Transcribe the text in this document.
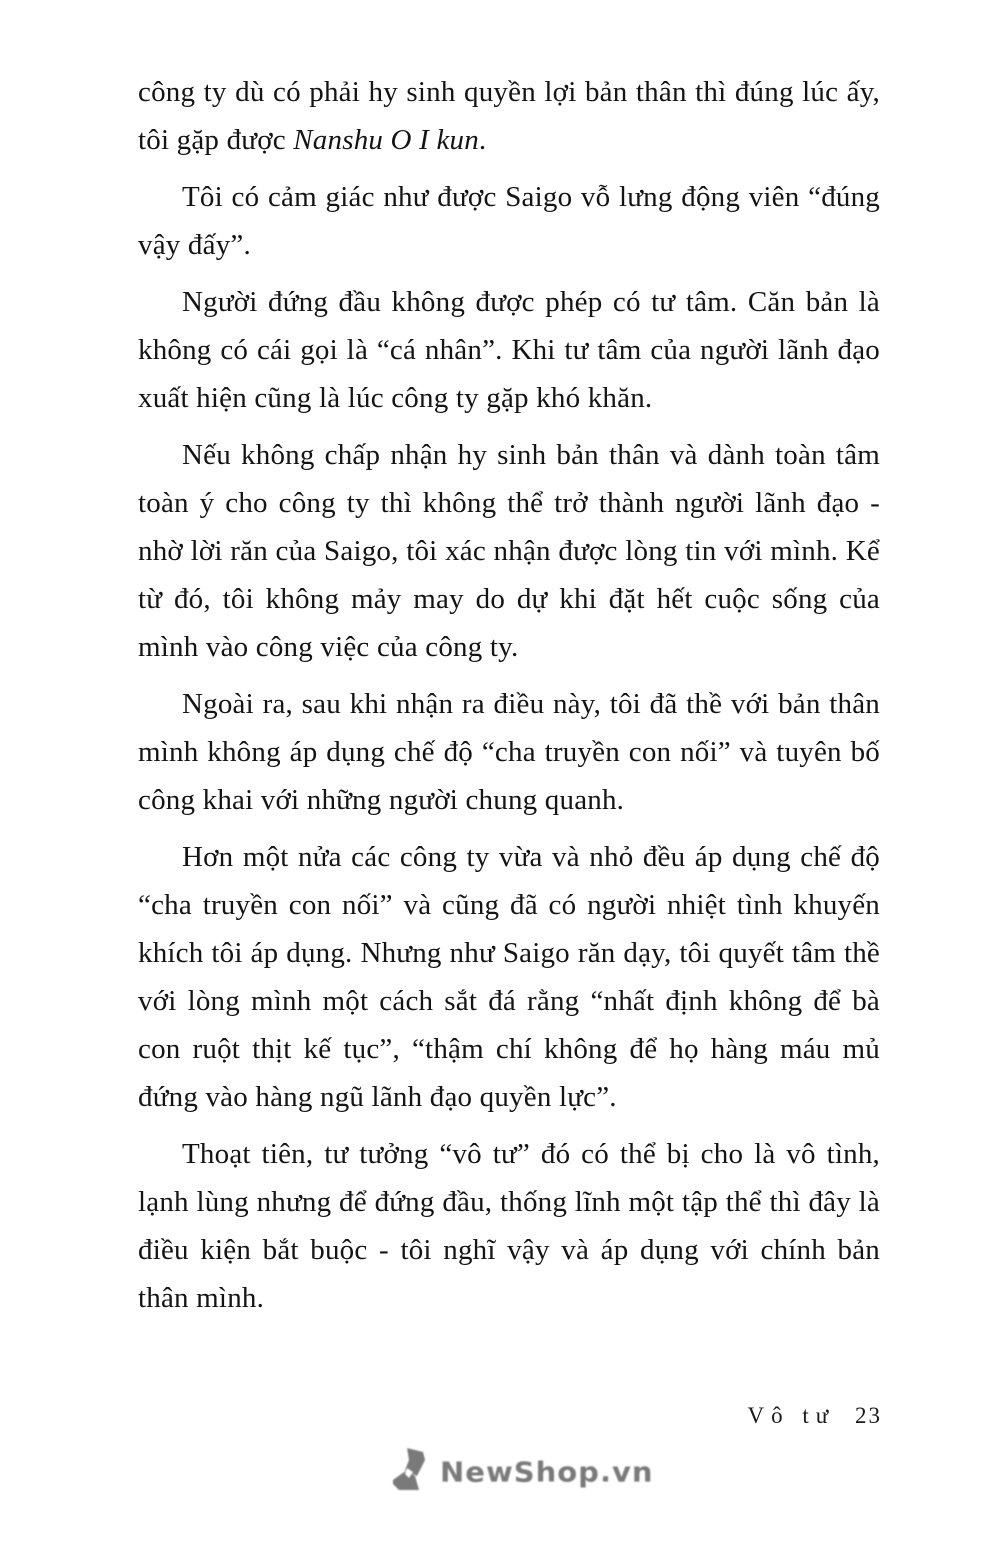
công ty dù có phải hy sinh quyền lợi bản thân thì đúng lúc ấy, tôi gặp được Nanshu O I kun.

Tôi có cảm giác như được Saigo vỗ lưng động viên “đúng vậy đấy”.

Người đứng đầu không được phép có tư tâm. Căn bản là không có cái gọi là “cá nhân”. Khi tư tâm của người lãnh đạo xuất hiện cũng là lúc công ty gặp khó khăn.

Nếu không chấp nhận hy sinh bản thân và dành toàn tâm toàn ý cho công ty thì không thể trở thành người lãnh đạo - nhờ lời răn của Saigo, tôi xác nhận được lòng tin với mình. Kể từ đó, tôi không mảy may do dự khi đặt hết cuộc sống của mình vào công việc của công ty.

Ngoài ra, sau khi nhận ra điều này, tôi đã thề với bản thân mình không áp dụng chế độ “cha truyền con nối” và tuyên bố công khai với những người chung quanh.

Hơn một nửa các công ty vừa và nhỏ đều áp dụng chế độ “cha truyền con nối” và cũng đã có người nhiệt tình khuyến khích tôi áp dụng. Nhưng như Saigo răn dạy, tôi quyết tâm thề với lòng mình một cách sắt đá rằng “nhất định không để bà con ruột thịt kế tục”, “thậm chí không để họ hàng máu mủ đứng vào hàng ngũ lãnh đạo quyền lực”.

Thoạt tiên, tư tưởng “vô tư” đó có thể bị cho là vô tình, lạnh lùng nhưng để đứng đầu, thống lĩnh một tập thể thì đây là điều kiện bắt buộc - tôi nghĩ vậy và áp dụng với chính bản thân mình.

Vô tư 23
NewShop.vn
